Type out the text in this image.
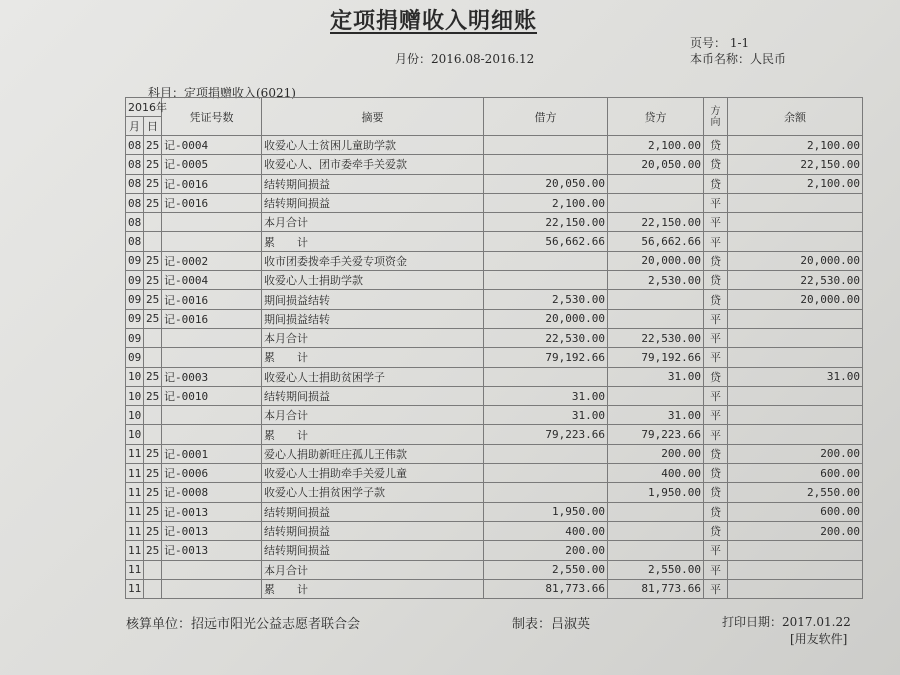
定项捐赠收入明细账
页号： 1-1
月份：2016.08-2016.12	本币名称：人民币
科目：定项捐赠收入(6021)
2016年		凭证号数	摘要	借方	贷方	方向	余额
月	日						
08	25	记-0004	收爱心人士贫困儿童助学款		2,100.00	贷	2,100.00
08	25	记-0005	收爱心人、团市委牵手关爱款		20,050.00	贷	22,150.00
08	25	记-0016	结转期间损益	20,050.00		贷	2,100.00
08	25	记-0016	结转期间损益	2,100.00		平	
08			本月合计	22,150.00	22,150.00	平	
08			累　　计	56,662.66	56,662.66	平	
09	25	记-0002	收市团委拨牵手关爱专项资金		20,000.00	贷	20,000.00
09	25	记-0004	收爱心人士捐助学款		2,530.00	贷	22,530.00
09	25	记-0016	期间损益结转	2,530.00		贷	20,000.00
09	25	记-0016	期间损益结转	20,000.00		平	
09			本月合计	22,530.00	22,530.00	平	
09			累　　计	79,192.66	79,192.66	平	
10	25	记-0003	收爱心人士捐助贫困学子		31.00	贷	31.00
10	25	记-0010	结转期间损益	31.00		平	
10			本月合计	31.00	31.00	平	
10			累　　计	79,223.66	79,223.66	平	
11	25	记-0001	爱心人捐助新旺庄孤儿王伟款		200.00	贷	200.00
11	25	记-0006	收爱心人士捐助牵手关爱儿童		400.00	贷	600.00
11	25	记-0008	收爱心人士捐贫困学子款		1,950.00	贷	2,550.00
11	25	记-0013	结转期间损益	1,950.00		贷	600.00
11	25	记-0013	结转期间损益	400.00		贷	200.00
11	25	记-0013	结转期间损益	200.00		平	
11			本月合计	2,550.00	2,550.00	平	
11			累　　计	81,773.66	81,773.66	平	
核算单位：招远市阳光公益志愿者联合会	制表：吕淑英	打印日期：2017.01.22
[用友软件]
